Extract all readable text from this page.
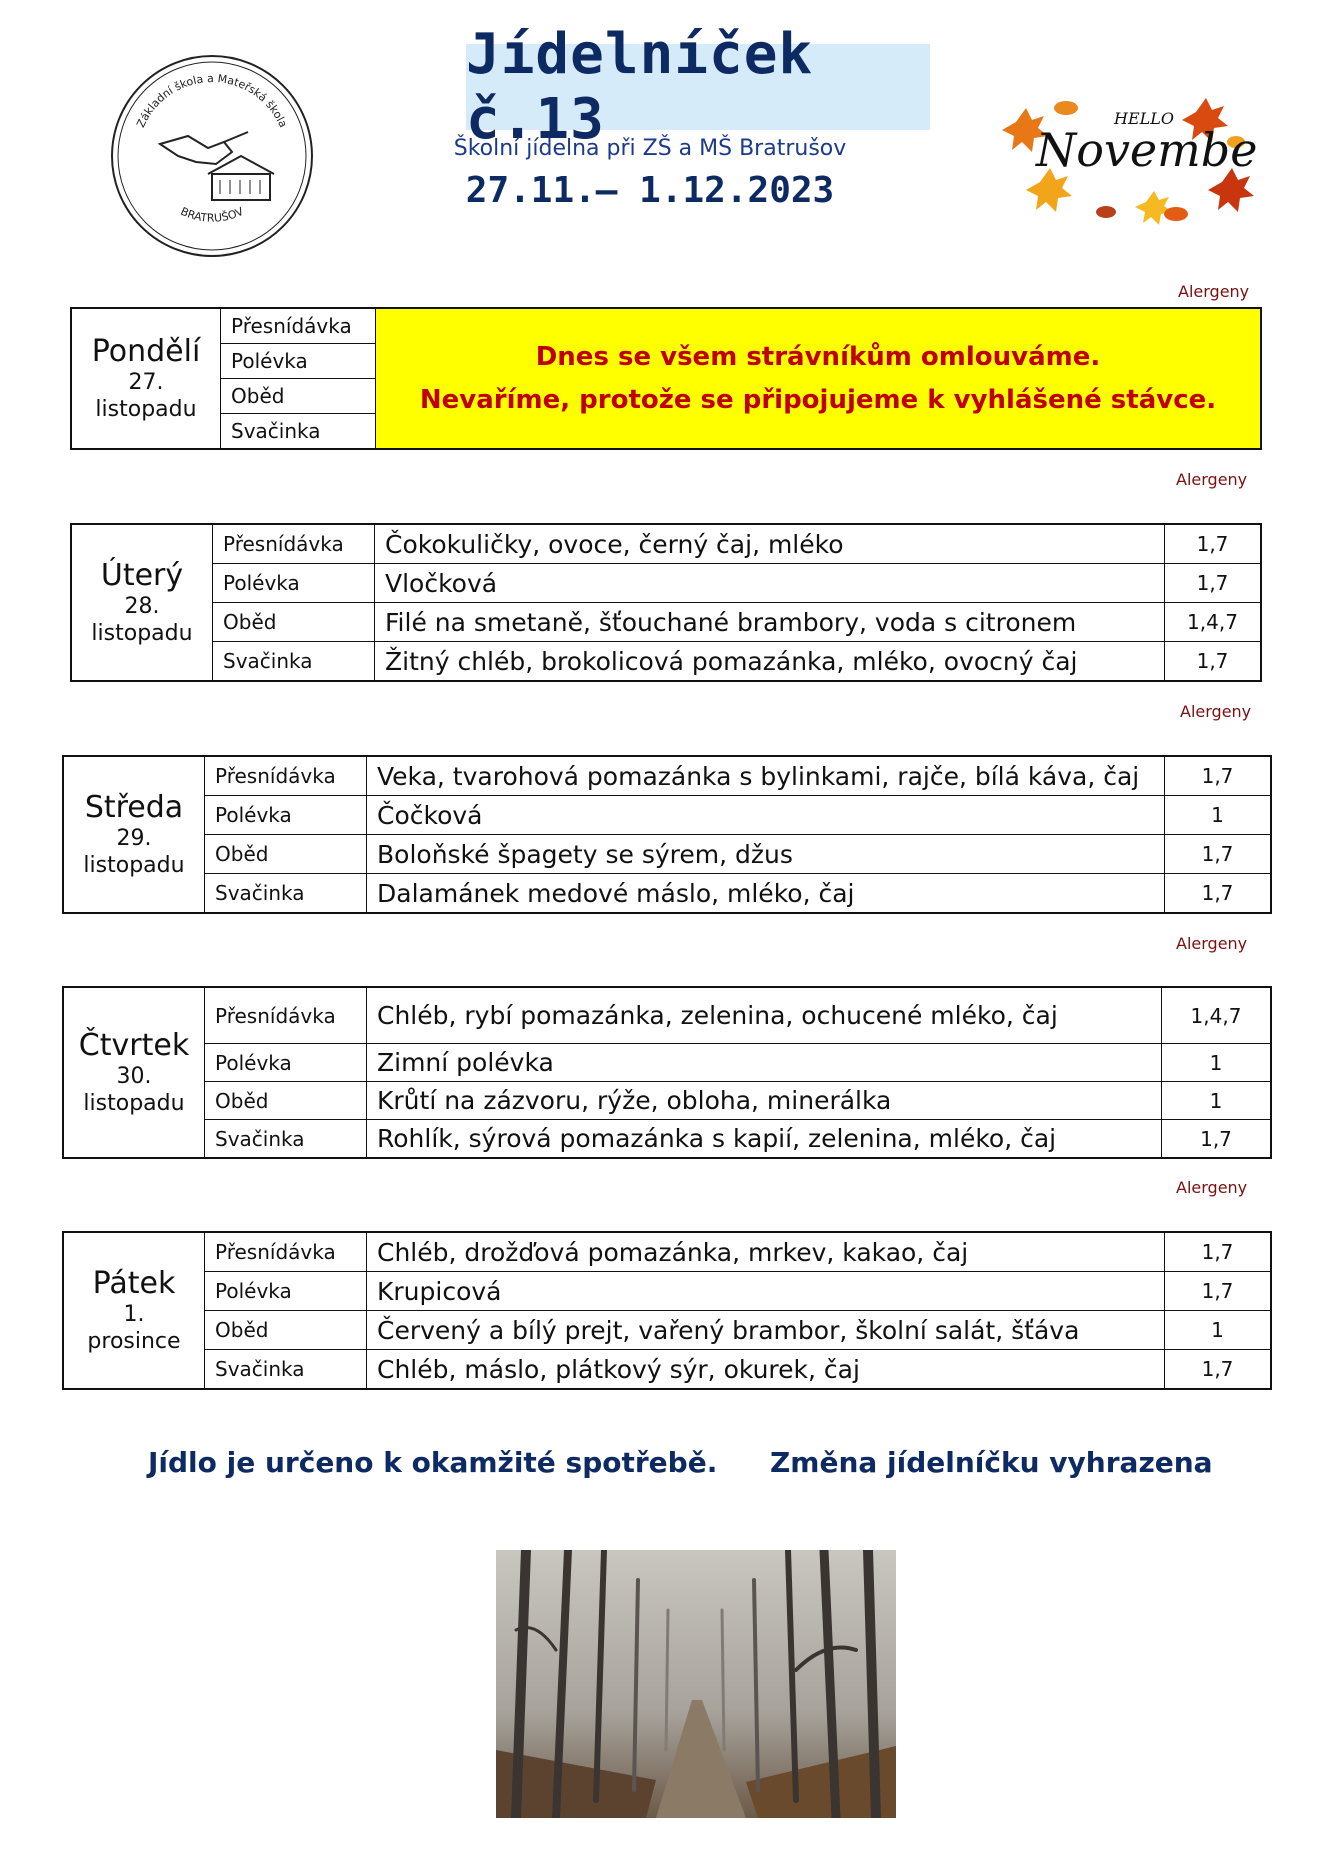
Základní škola a Mateřská škola
BRATRUŠOV
Jídelníček č.13
Školní jídelna při ZŠ a MŠ Bratrušov
27.11.– 1.12.2023
HELLO
November
Alergeny
Pondělí
27.
listopadu
Přesnídávka
Polévka
Oběd
Svačinka
Dnes se všem strávníkům omlouváme.
Nevaříme, protože se připojujeme k vyhlášené stávce.
Alergeny
Úterý
28.
listopadu
Přesnídávka	Čokokuličky, ovoce, černý čaj, mléko	1,7
Polévka	Vločková	1,7
Oběd	Filé na smetaně, šťouchané brambory, voda s citronem	1,4,7
Svačinka	Žitný chléb, brokolicová pomazánka, mléko, ovocný čaj	1,7
Alergeny
Středa
29.
listopadu
Přesnídávka	Veka, tvarohová pomazánka s bylinkami, rajče, bílá káva, čaj	1,7
Polévka	Čočková	1
Oběd	Boloňské špagety se sýrem, džus	1,7
Svačinka	Dalamánek medové máslo, mléko, čaj	1,7
Alergeny
Čtvrtek
30.
listopadu
Přesnídávka	Chléb, rybí pomazánka, zelenina, ochucené mléko, čaj	1,4,7
Polévka	Zimní polévka	1
Oběd	Krůtí na zázvoru, rýže, obloha, minerálka	1
Svačinka	Rohlík, sýrová pomazánka s kapií, zelenina, mléko, čaj	1,7
Alergeny
Pátek
1.
prosince
Přesnídávka	Chléb, drožďová pomazánka, mrkev, kakao, čaj	1,7
Polévka	Krupicová	1,7
Oběd	Červený a bílý prejt, vařený brambor, školní salát, šťáva	1
Svačinka	Chléb, máslo, plátkový sýr, okurek, čaj	1,7
Jídlo je určeno k okamžité spotřebě. Změna jídelníčku vyhrazena
